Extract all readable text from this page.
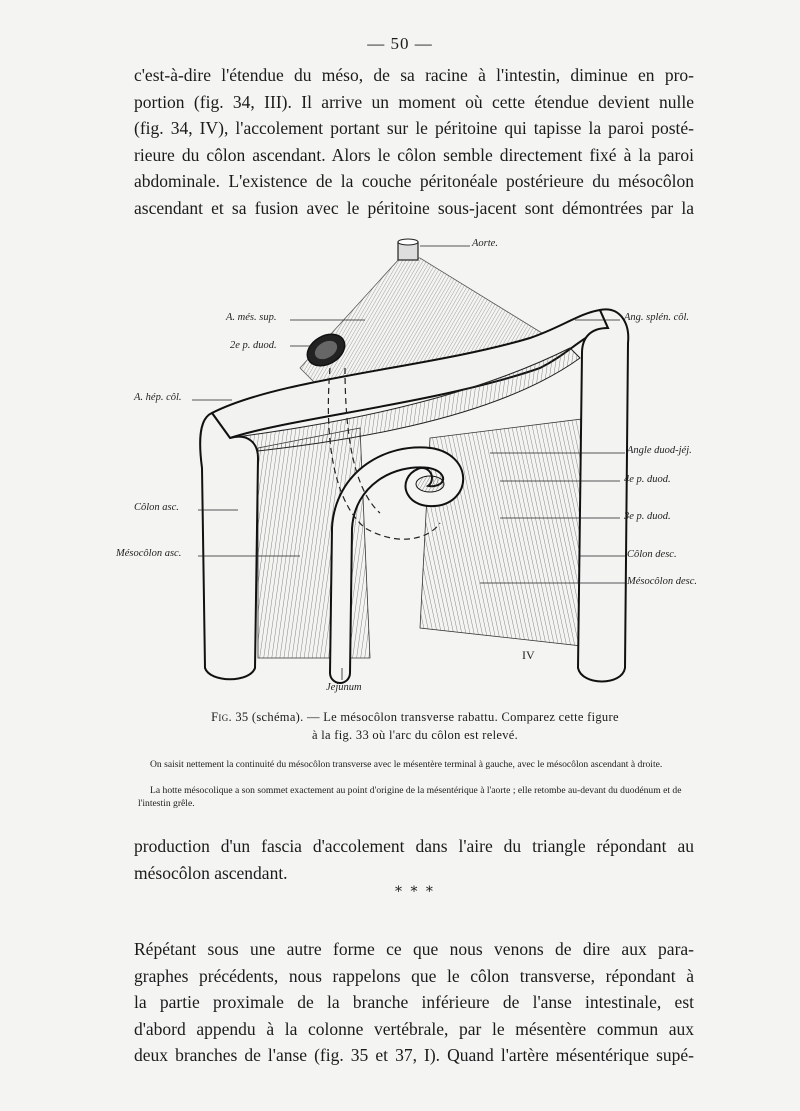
— 50 —

c'est-à-dire l'étendue du méso, de sa racine à l'intestin, diminue en pro-
portion (fig. 34, III). Il arrive un moment où cette étendue devient nulle
(fig. 34, IV), l'accolement portant sur le péritoine qui tapisse la paroi posté-
rieure du côlon ascendant. Alors le côlon semble directement fixé à la paroi
abdominale. L'existence de la couche péritonéale postérieure du mésocôlon
ascendant et sa fusion avec le péritoine sous-jacent sont démontrées par la

Aorte.
A. més. sup.
2e p. duod.
A. hép. côl.
Côlon asc.
Mésocôlon asc.
Ang. splén. côl.
Angle duod-jéj.
4e p. duod.
3e p. duod.
Côlon desc.
Mésocôlon desc.
IV
Jejunum
Fig. 35 (schéma). — Le mésocôlon transverse rabattu. Comparez cette figure
à la fig. 33 où l'arc du côlon est relevé.
On saisit nettement la continuité du mésocôlon transverse avec le mésentère terminal à gauche, avec le mésocôlon ascendant à droite.
La hotte mésocolique a son sommet exactement au point d'origine de la mésentérique à l'aorte ; elle retombe au-devant du duodénum et de l'intestin grêle.

production d'un fascia d'accolement dans l'aire du triangle répondant au
mésocôlon ascendant.

* * *

Répétant sous une autre forme ce que nous venons de dire aux para-
graphes précédents, nous rappelons que le côlon transverse, répondant à
la partie proximale de la branche inférieure de l'anse intestinale, est
d'abord appendu à la colonne vertébrale, par le mésentère commun aux
deux branches de l'anse (fig. 35 et 37, I). Quand l'artère mésentérique supé-
